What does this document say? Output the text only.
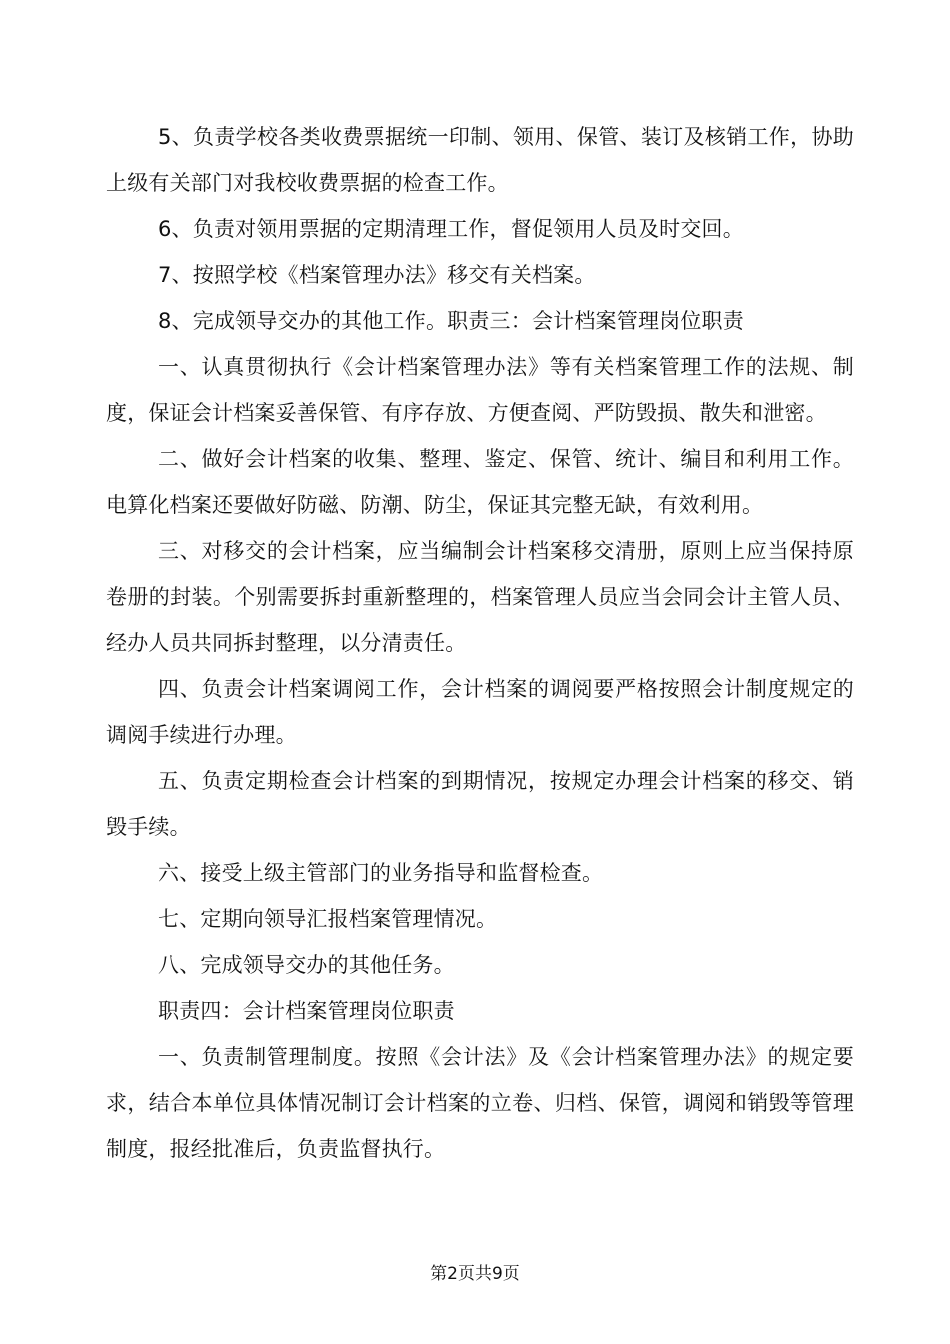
5、负责学校各类收费票据统一印制、领用、保管、装订及核销工作，协助上级有关部门对我校收费票据的检查工作。

6、负责对领用票据的定期清理工作，督促领用人员及时交回。

7、按照学校《档案管理办法》移交有关档案。

8、完成领导交办的其他工作。职责三：会计档案管理岗位职责

一、认真贯彻执行《会计档案管理办法》等有关档案管理工作的法规、制度，保证会计档案妥善保管、有序存放、方便查阅、严防毁损、散失和泄密。

二、做好会计档案的收集、整理、鉴定、保管、统计、编目和利用工作。电算化档案还要做好防磁、防潮、防尘，保证其完整无缺，有效利用。

三、对移交的会计档案，应当编制会计档案移交清册，原则上应当保持原卷册的封装。个别需要拆封重新整理的，档案管理人员应当会同会计主管人员、经办人员共同拆封整理，以分清责任。

四、负责会计档案调阅工作，会计档案的调阅要严格按照会计制度规定的调阅手续进行办理。

五、负责定期检查会计档案的到期情况，按规定办理会计档案的移交、销毁手续。

六、接受上级主管部门的业务指导和监督检查。

七、定期向领导汇报档案管理情况。

八、完成领导交办的其他任务。

职责四：会计档案管理岗位职责

一、负责制管理制度。按照《会计法》及《会计档案管理办法》的规定要求，结合本单位具体情况制订会计档案的立卷、归档、保管，调阅和销毁等管理制度，报经批准后，负责监督执行。

第2页共9页
